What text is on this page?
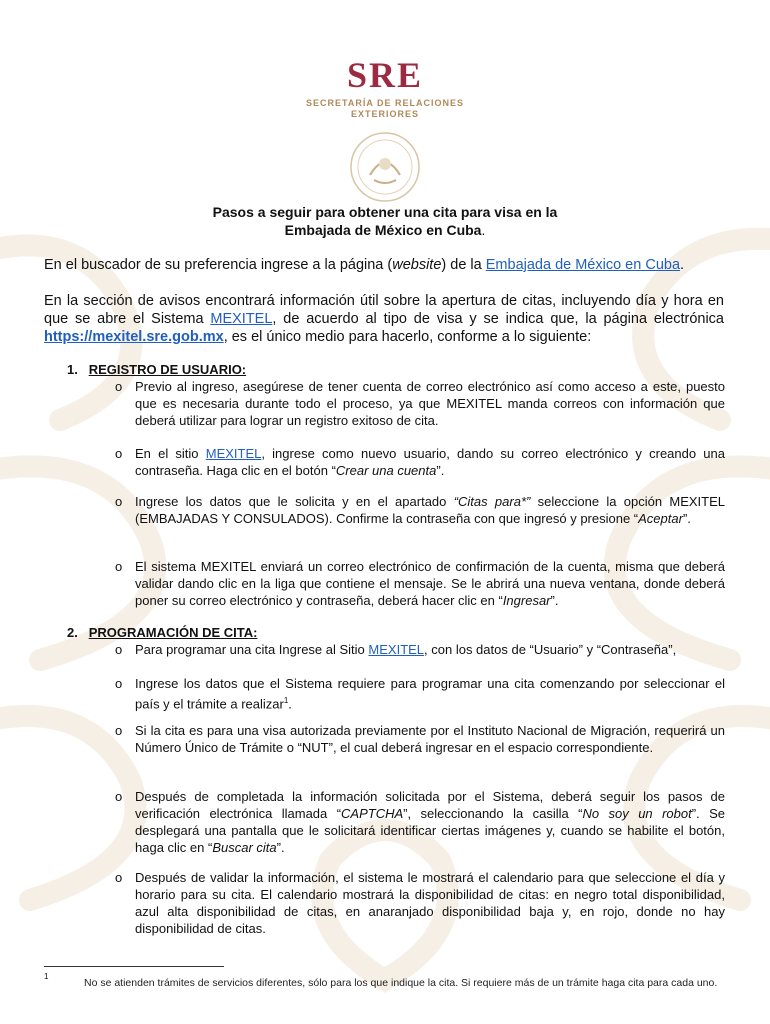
SRE
SECRETARÍA DE RELACIONES
EXTERIORES
Pasos a seguir para obtener una cita para visa en la
Embajada de México en Cuba.
En el buscador de su preferencia ingrese a la página (website) de la Embajada de México en Cuba.
En la sección de avisos encontrará información útil sobre la apertura de citas, incluyendo día y hora en que se abre el Sistema MEXITEL, de acuerdo al tipo de visa y se indica que, la página electrónica https://mexitel.sre.gob.mx, es el único medio para hacerlo, conforme a lo siguiente:
1. REGISTRO DE USUARIO:
o Previo al ingreso, asegúrese de tener cuenta de correo electrónico así como acceso a este, puesto que es necesaria durante todo el proceso, ya que MEXITEL manda correos con información que deberá utilizar para lograr un registro exitoso de cita.
o En el sitio MEXITEL, ingrese como nuevo usuario, dando su correo electrónico y creando una contraseña. Haga clic en el botón “Crear una cuenta”.
o Ingrese los datos que le solicita y en el apartado “Citas para*” seleccione la opción MEXITEL (EMBAJADAS Y CONSULADOS). Confirme la contraseña con que ingresó y presione “Aceptar”.
o El sistema MEXITEL enviará un correo electrónico de confirmación de la cuenta, misma que deberá validar dando clic en la liga que contiene el mensaje. Se le abrirá una nueva ventana, donde deberá poner su correo electrónico y contraseña, deberá hacer clic en “Ingresar”.
2. PROGRAMACIÓN DE CITA:
o Para programar una cita Ingrese al Sitio MEXITEL, con los datos de “Usuario” y “Contraseña”,
o Ingrese los datos que el Sistema requiere para programar una cita comenzando por seleccionar el país y el trámite a realizar$^1$.
o Si la cita es para una visa autorizada previamente por el Instituto Nacional de Migración, requerirá un Número Único de Trámite o “NUT”, el cual deberá ingresar en el espacio correspondiente.
o Después de completada la información solicitada por el Sistema, deberá seguir los pasos de verificación electrónica llamada “CAPTCHA”, seleccionando la casilla “No soy un robot”. Se desplegará una pantalla que le solicitará identificar ciertas imágenes y, cuando se habilite el botón, haga clic en “Buscar cita”.
o Después de validar la información, el sistema le mostrará el calendario para que seleccione el día y horario para su cita. El calendario mostrará la disponibilidad de citas: en negro total disponibilidad, azul alta disponibilidad de citas, en anaranjado disponibilidad baja y, en rojo, donde no hay disponibilidad de citas.
1
No se atienden trámites de servicios diferentes, sólo para los que indique la cita. Si requiere más de un trámite haga cita para cada uno.
